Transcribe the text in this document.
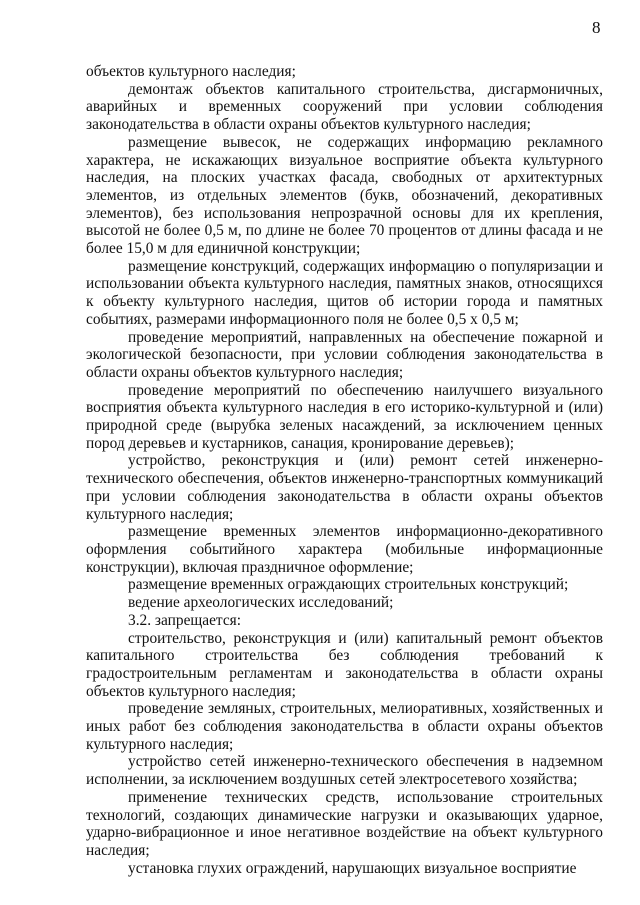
8

объектов культурного наследия;

демонтаж объектов капитального строительства, дисгармоничных, аварийных и временных сооружений при условии соблюдения законодательства в области охраны объектов культурного наследия;

размещение вывесок, не содержащих информацию рекламного характера, не искажающих визуальное восприятие объекта культурного наследия, на плоских участках фасада, свободных от архитектурных элементов, из отдельных элементов (букв, обозначений, декоративных элементов), без использования непрозрачной основы для их крепления, высотой не более 0,5 м, по длине не более 70 процентов от длины фасада и не более 15,0 м для единичной конструкции;

размещение конструкций, содержащих информацию о популяризации и использовании объекта культурного наследия, памятных знаков, относящихся к объекту культурного наследия, щитов об истории города и памятных событиях, размерами информационного поля не более 0,5 х 0,5 м;

проведение мероприятий, направленных на обеспечение пожарной и экологической безопасности, при условии соблюдения законодательства в области охраны объектов культурного наследия;

проведение мероприятий по обеспечению наилучшего визуального восприятия объекта культурного наследия в его историко-культурной и (или) природной среде (вырубка зеленых насаждений, за исключением ценных пород деревьев и кустарников, санация, кронирование деревьев);

устройство, реконструкция и (или) ремонт сетей инженерно-технического обеспечения, объектов инженерно-транспортных коммуникаций при условии соблюдения законодательства в области охраны объектов культурного наследия;

размещение временных элементов информационно-декоративного оформления событийного характера (мобильные информационные конструкции), включая праздничное оформление;

размещение временных ограждающих строительных конструкций;

ведение археологических исследований;

3.2. запрещается:

строительство, реконструкция и (или) капитальный ремонт объектов капитального строительства без соблюдения требований к градостроительным регламентам и законодательства в области охраны объектов культурного наследия;

проведение земляных, строительных, мелиоративных, хозяйственных и иных работ без соблюдения законодательства в области охраны объектов культурного наследия;

устройство сетей инженерно-технического обеспечения в надземном исполнении, за исключением воздушных сетей электросетевого хозяйства;

применение технических средств, использование строительных технологий, создающих динамические нагрузки и оказывающих ударное, ударно-вибрационное и иное негативное воздействие на объект культурного наследия;

установка глухих ограждений, нарушающих визуальное восприятие
